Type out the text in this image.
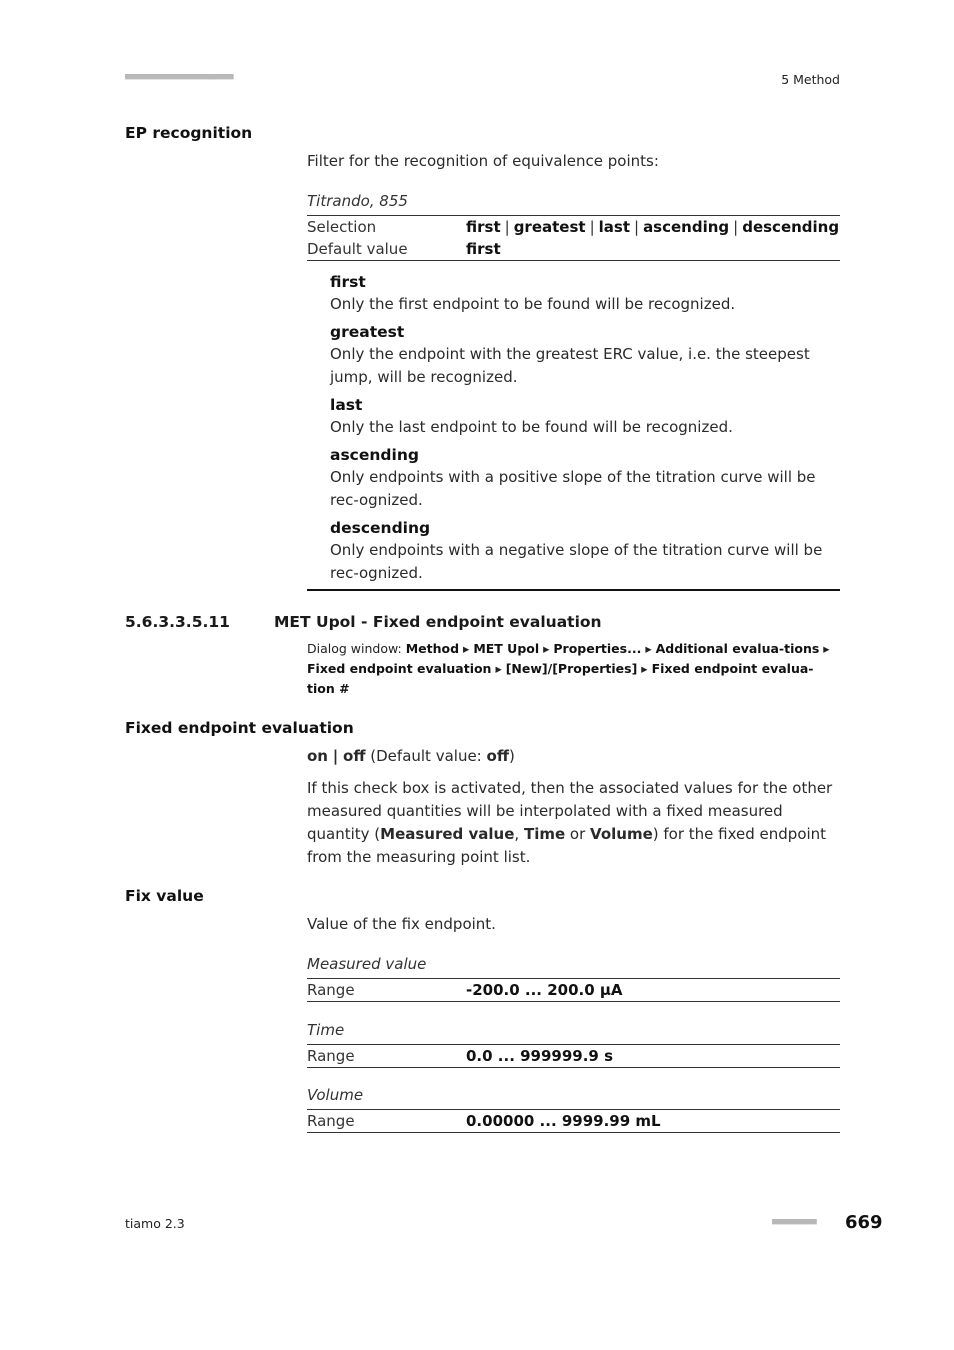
■■■■■■■■■■■■■■■■■■■■■■	5 Method
EP recognition
Filter for the recognition of equivalence points:
Titrando, 855
Selection	first | greatest | last | ascending | descending
Default value	first
first
Only the first endpoint to be found will be recognized.
greatest
Only the endpoint with the greatest ERC value, i.e. the steepest jump, will be recognized.
last
Only the last endpoint to be found will be recognized.
ascending
Only endpoints with a positive slope of the titration curve will be rec-ognized.
descending
Only endpoints with a negative slope of the titration curve will be rec-ognized.
5.6.3.3.5.11	MET Upol - Fixed endpoint evaluation
Dialog window: Method ▸ MET Upol ▸ Properties... ▸ Additional evalua-tions ▸ Fixed endpoint evaluation ▸ [New]/[Properties] ▸ Fixed endpoint evalua-tion #
Fixed endpoint evaluation
on | off (Default value: off)
If this check box is activated, then the associated values for the other measured quantities will be interpolated with a fixed measured quantity (Measured value, Time or Volume) for the fixed endpoint from the measuring point list.
Fix value
Value of the fix endpoint.
Measured value
Range	-200.0 ... 200.0 µA
Time
Range	0.0 ... 999999.9 s
Volume
Range	0.00000 ... 9999.99 mL
tiamo 2.3	■■■■■■■■■ 669
